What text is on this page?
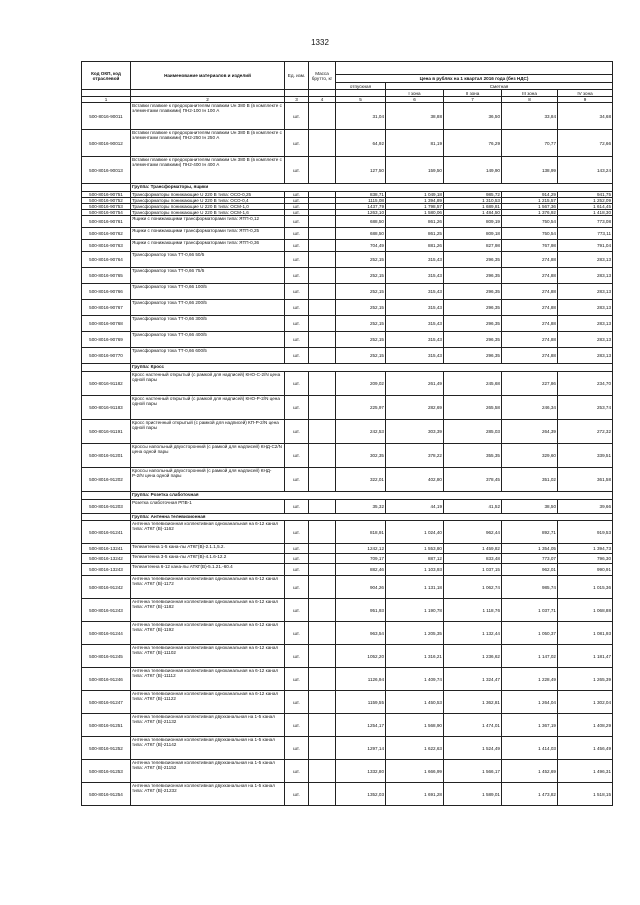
1332
Код ОКП, код отраслевой	Наименование материалов и изделий	Ед. изм.	Масса брутто, кг					
				Цена в рублях на 1 квартал 2016 года (без НДС)				
				отпускная	Сметная			
					I зона	II зона	III зона	IV зона
1	2	3	4	5	6	7	8	9
500-8016-90011	Вставки плавкие к предохранителям плавким Uн 380 В (в комплекте с элементами плавкими) ПН2-100 Iн 100 А	шт.		31,04	38,88	36,50	33,84	34,68
500-8016-90012	Вставки плавкие к предохранителям плавким Uн 380 В (в комплекте с элементами плавкими) ПН2-250 Iн 250 А	шт.		64,92	81,19	76,29	70,77	72,66
500-8016-90013	Вставки плавкие к предохранителям плавким Uн 380 В (в комплекте с элементами плавкими) ПН2-400 Iн 400 А	шт.		127,50	159,50	149,90	138,99	143,24
	Группа: Трансформаторы, ящики							
500-8016-90751	Трансформаторы понижающие U 220 В типа: ОСО-0,25	шт.		838,71	1 049,18	985,72	914,29	941,75
500-8016-90752	Трансформаторы понижающие U 220 В типа: ОСО-0,4	шт.		1115,08	1 394,89	1 310,53	1 215,57	1 252,09
500-8016-90753	Трансформаторы понижающие U 220 В типа: ОСМ-1,0	шт.		1437,79	1 798,57	1 689,81	1 567,36	1 614,45
500-8016-90754	Трансформаторы понижающие U 220 В типа: ОСМ-1,6	шт.		1263,10	1 580,06	1 484,50	1 376,92	1 418,30
500-8016-90761	Ящики с понижающими трансформаторами типа: ЯТП-0,12	шт.		688,50	861,26	809,19	750,54	773,08
500-8016-90762	Ящики с понижающими трансформаторами типа: ЯТП-0,25	шт.		688,50	861,25	809,18	750,54	773,11
500-8016-90763	Ящики с понижающими трансформаторами типа: ЯТП-0,36	шт.		704,49	881,26	827,98	767,98	791,04
500-8016-90764	Трансформатор тока ТТ-0,66 50/5	шт.		252,15	315,43	296,35	274,88	283,13
500-8016-90765	Трансформатор тока ТТ-0,66 75/5	шт.		252,15	315,43	296,35	274,88	283,13
500-8016-90766	Трансформатор тока ТТ-0,66 100/5	шт.		252,15	315,43	296,35	274,88	283,13
500-8016-90767	Трансформатор тока ТТ-0,66 200/5	шт.		252,15	315,43	296,35	274,88	283,13
500-8016-90768	Трансформатор тока ТТ-0,66 300/5	шт.		252,15	315,43	296,35	274,88	283,13
500-8016-90769	Трансформатор тока ТТ-0,66 400/5	шт.		252,15	315,43	296,35	274,88	283,13
500-8016-90770	Трансформатор тока ТТ-0,66 600/5	шт.		252,15	315,43	296,35	274,88	283,13
	Группа: Кросс							
500-8016-91182	Кросс настенный открытый (с рамкой для надписей) КНО-С-2/N цена одной пары	шт.		209,02	261,49	245,68	227,86	234,70
500-8016-91183	Кросс настенный открытый (с рамкой для надписей) КНО-Р-2/N цена одной пары	шт.		225,97	282,69	265,58	246,34	253,74
500-8016-91191	Кросс пристенный открытый (с рамкой для надписей) КП-Р-2/N цена одной пары	шт.		242,53	303,39	285,03	264,39	272,32
500-8016-91201	Кроссы напольный двухсторонний (с рамкой для надписей) КНД-С2/N цена одной пары	шт.		302,35	378,22	355,35	329,60	339,51
500-8016-91202	Кроссы напольный двухсторонний (с рамкой для надписей) КНД-Р-2/N цена одной пары	шт.		322,01	402,80	378,45	351,02	361,58
	Группа: Розетка слаботочная							
500-8016-91203	Розетка слаботочная РПВ-1	шт.		35,32	44,19	41,52	38,50	39,66
	Группа: Антенна телевизионная							
500-8016-91241	Антенна телевизионная коллективная одноканальная на 6-12 канал типа: АТКГ (В)-1162	шт.		818,91	1 024,40	962,44	892,71	919,53
500-8016-13241	Телеантенна 1-5 кана-лы АТКГ(В)-2.1.1,5.2.	шт.		1242,12	1 553,80	1 459,82	1 354,05	1 394,73
500-8016-13242	Телеантенна 3-5 кана-лы АТКГ(В)-4.1.6-12.2	шт.		709,17	887,12	833,48	773,07	796,30
500-8016-13243	Телеантенна 6-12 кана-лы АТКГ(В)-5.1.21.-60.4	шт.		882,46	1 103,93	1 037,15	962,01	990,91
500-8016-91242	Антенна телевизионная коллективная одноканальная на 6-12 канал типа: АТКГ (В)-1172	шт.		904,26	1 131,18	1 062,74	985,74	1 015,36
500-8016-91243	Антенна телевизионная коллективная одноканальная на 6-12 канал типа: АТКГ (В)-1182	шт.		951,93	1 190,78	1 118,76	1 037,71	1 068,88
500-8016-91244	Антенна телевизионная коллективная одноканальная на 6-12 канал типа: АТКГ (В)-1192	шт.		963,54	1 205,35	1 132,44	1 050,37	1 081,93
500-8016-91245	Антенна телевизионная коллективная одноканальная на 6-12 канал типа: АТКГ (В)-11102	шт.		1052,20	1 316,21	1 236,62	1 147,02	1 181,47
500-8016-91246	Антенна телевизионная коллективная одноканальная на 6-12 канал типа: АТКГ (В)-11112	шт.		1126,94	1 409,74	1 324,47	1 228,49	1 265,39
500-8016-91247	Антенна телевизионная коллективная одноканальная на 6-12 канал типа: АТКГ (В)-11122	шт.		1159,55	1 450,53	1 362,81	1 264,04	1 302,04
500-8016-91251	Антенна телевизионная коллективная двухканальная на 1-5 канал типа: АТКГ (В)-21132	шт.		1254,17	1 568,90	1 474,01	1 367,19	1 408,29
500-8016-91252	Антенна телевизионная коллективная двухканальная на 1-5 канал типа: АТКГ (В)-21142	шт.		1297,14	1 622,63	1 524,49	1 414,03	1 456,49
500-8016-91253	Антенна телевизионная коллективная двухканальная на 1-5 канал типа: АТКГ (В)-21152	шт.		1332,80	1 666,99	1 566,17	1 452,69	1 496,31
500-8016-91254	Антенна телевизионная коллективная двухканальная на 1-5 канал типа: АТКГ (В)-21232	шт.		1352,03	1 691,28	1 589,01	1 473,82	1 518,15
